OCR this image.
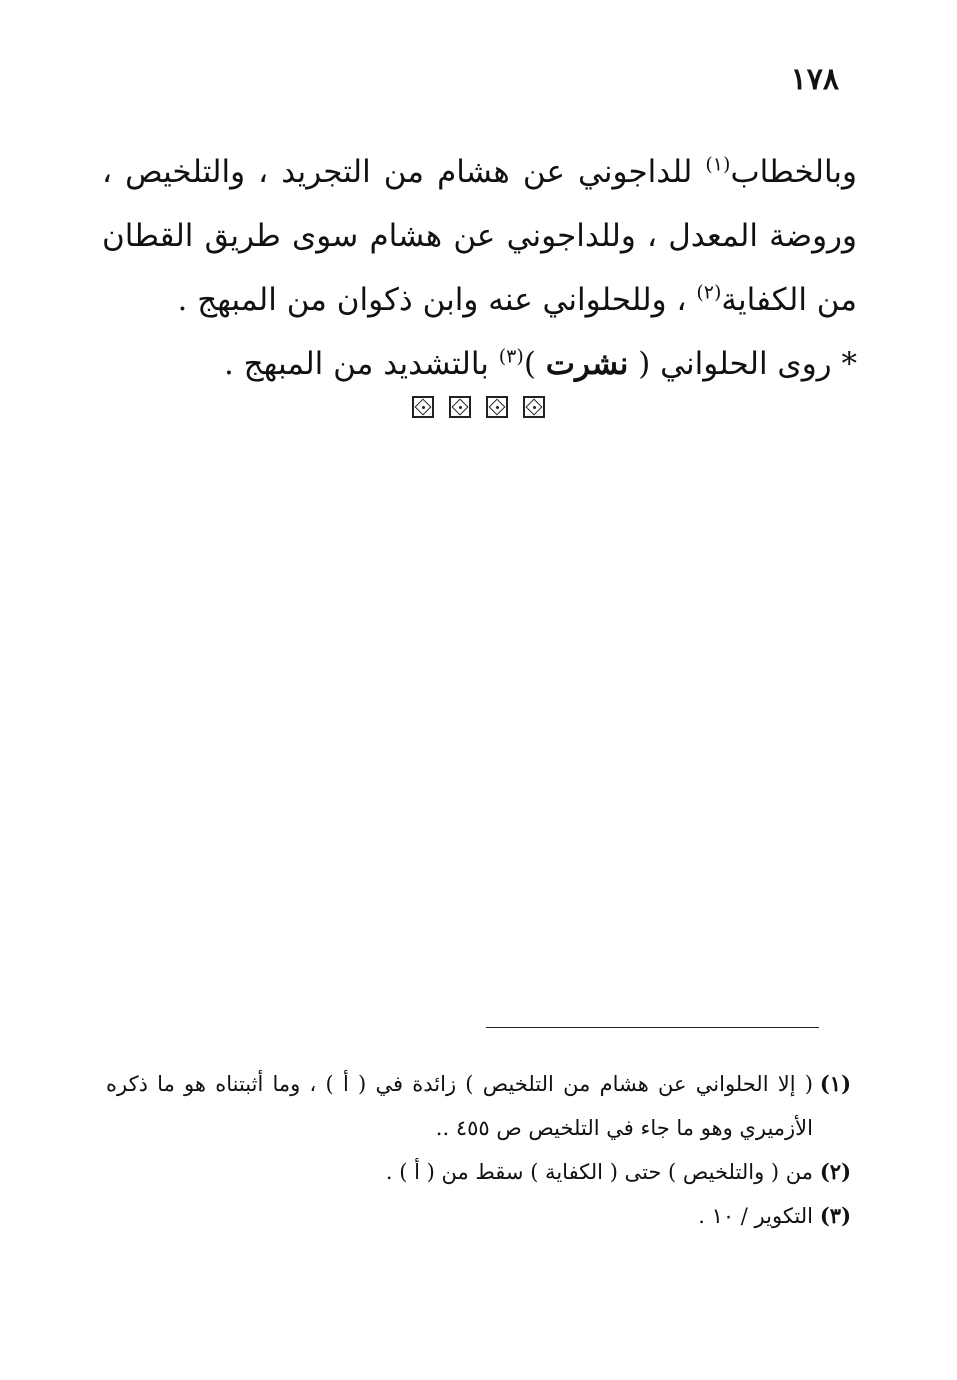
١٧٨

وبالخطاب$^{(١)}$ للداجوني عن هشام من التجريد ، والتلخيص ، وروضة المعدل ، وللداجوني عن هشام سوى طريق القطان من الكفاية$^{(٢)}$ ، وللحلواني عنه وابن ذكوان من المبهج .

* روى الحلواني ( نشرت )$^{(٣)}$ بالتشديد من المبهج .

(١)
( إلا الحلواني عن هشام من التلخيص ) زائدة في ( أ ) ، وما أثبتناه هو ما ذكره الأزميري وهو ما جاء في التلخيص ص ٤٥٥ ..
(٢)
من ( والتلخيص ) حتى ( الكفاية ) سقط من ( أ ) .
(٣)
التكوير / ١٠ .
